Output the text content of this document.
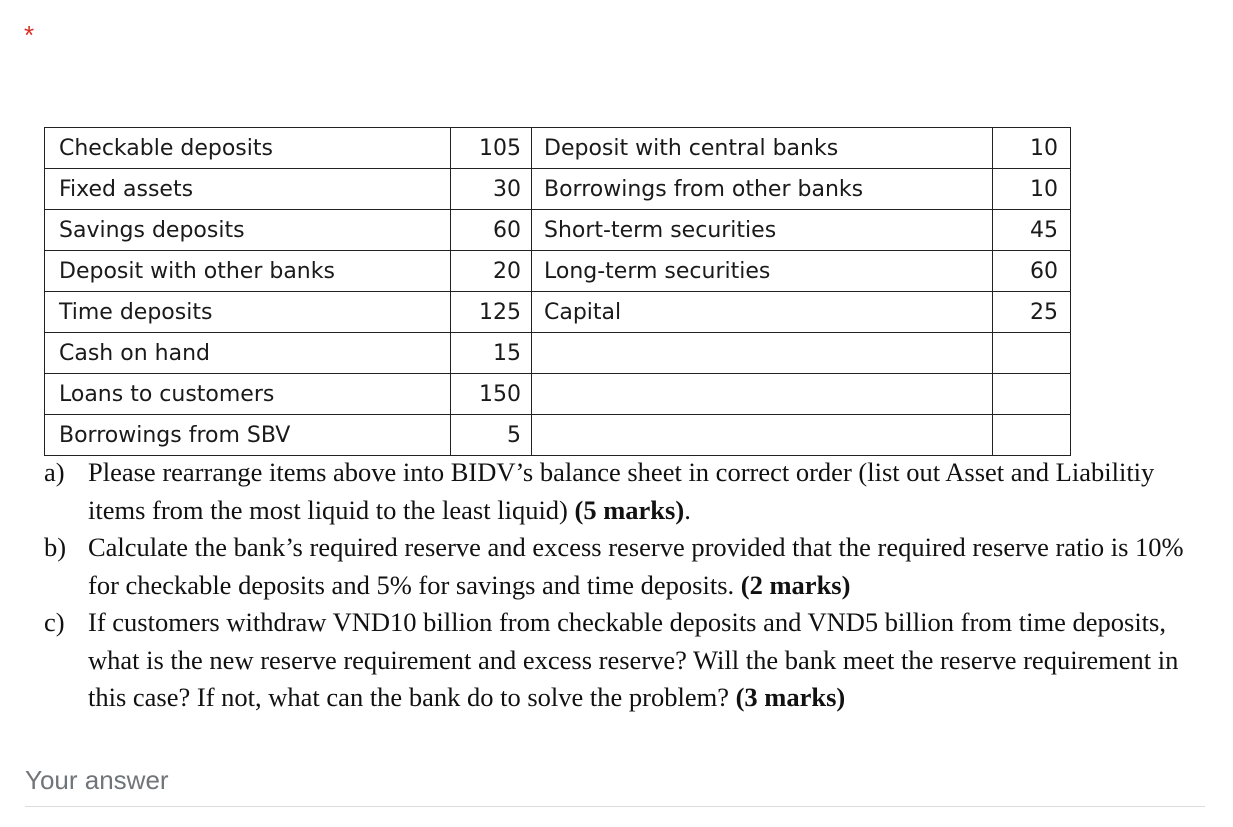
*
Checkable deposits	105	Deposit with central banks	10
Fixed assets	30	Borrowings from other banks	10
Savings deposits	60	Short-term securities	45
Deposit with other banks	20	Long-term securities	60
Time deposits	125	Capital	25
Cash on hand	15		
Loans to customers	150		
Borrowings from SBV	5		
a) Please rearrange items above into BIDV’s balance sheet in correct order (list out Asset and Liabilitiy items from the most liquid to the least liquid) (5 marks).
b) Calculate the bank’s required reserve and excess reserve provided that the required reserve ratio is 10% for checkable deposits and 5% for savings and time deposits. (2 marks)
c) If customers withdraw VND10 billion from checkable deposits and VND5 billion from time deposits, what is the new reserve requirement and excess reserve? Will the bank meet the reserve requirement in this case? If not, what can the bank do to solve the problem? (3 marks)
Your answer
